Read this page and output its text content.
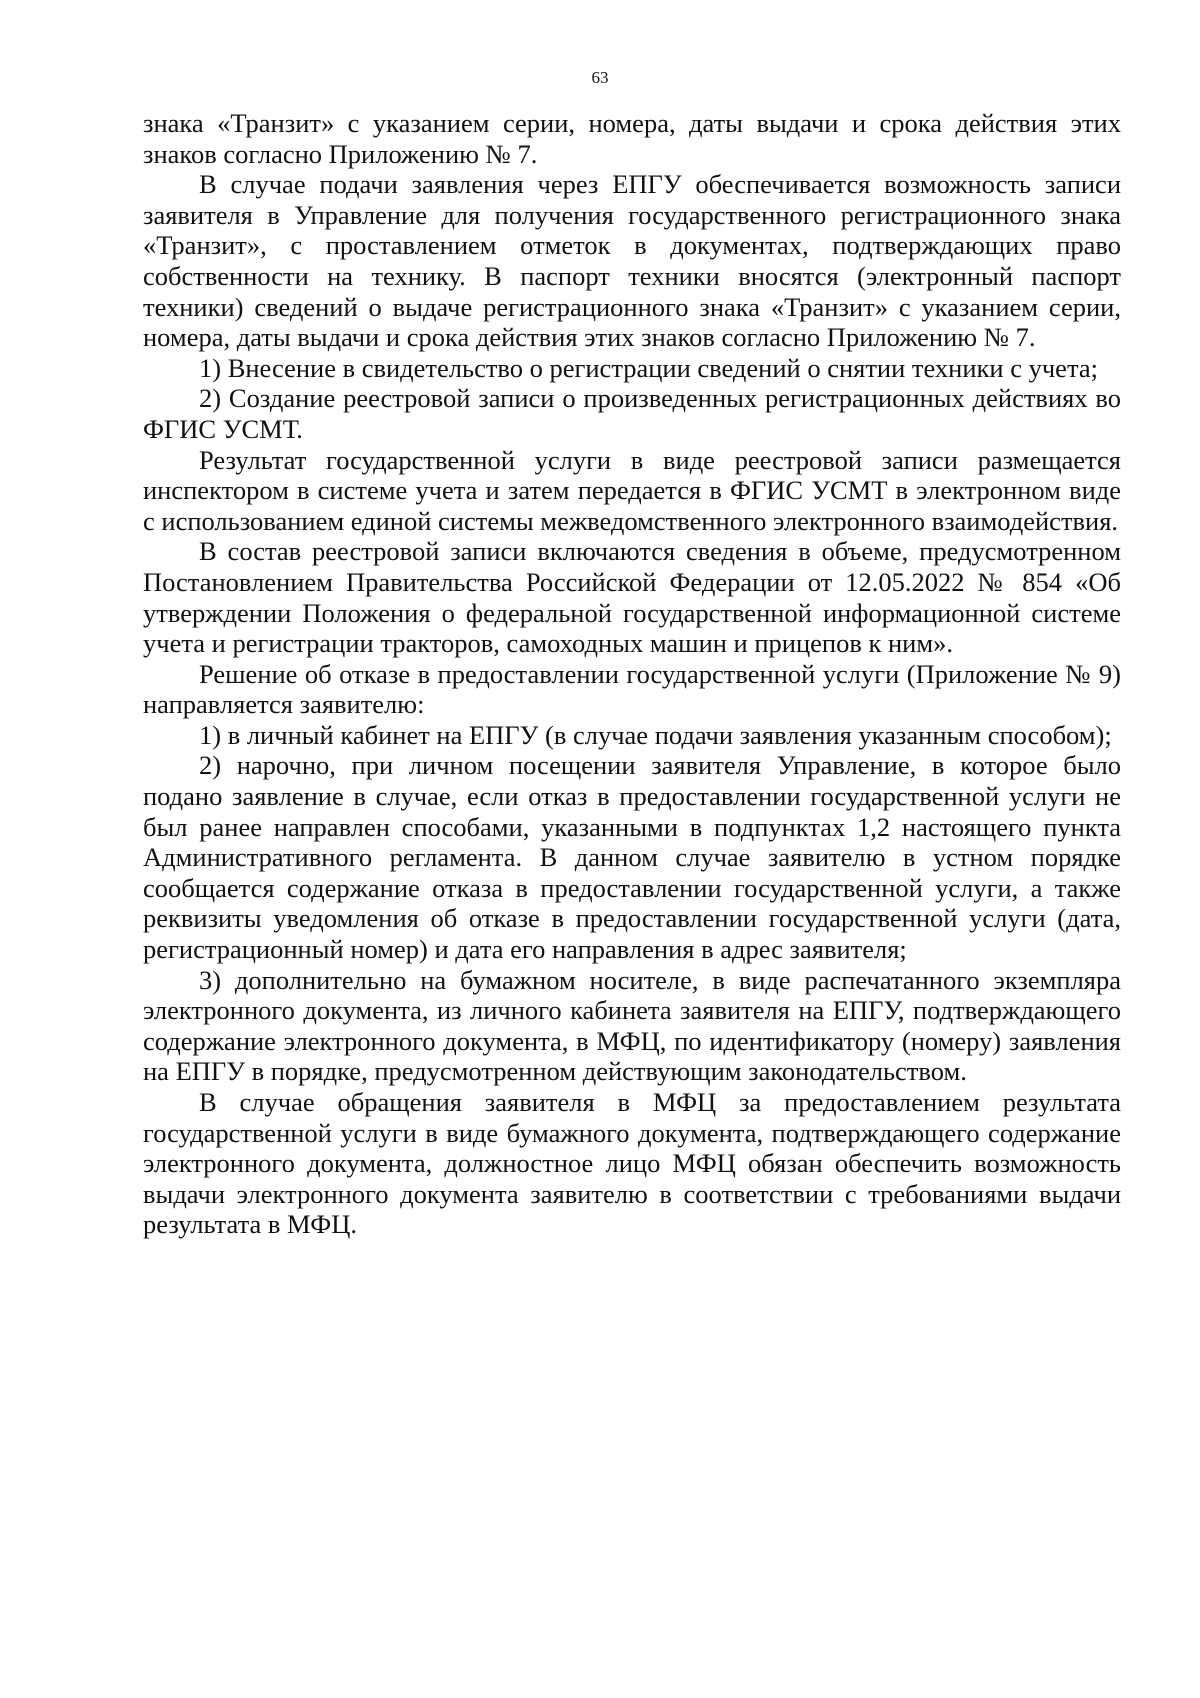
63

знака «Транзит» с указанием серии, номера, даты выдачи и срока действия этих знаков согласно Приложению № 7.

В случае подачи заявления через ЕПГУ обеспечивается возможность записи заявителя в Управление для получения государственного регистрационного знака «Транзит», с проставлением отметок в документах, подтверждающих право собственности на технику. В паспорт техники вносятся (электронный паспорт техники) сведений о выдаче регистрационного знака «Транзит» с указанием серии, номера, даты выдачи и срока действия этих знаков согласно Приложению № 7.

1) Внесение в свидетельство о регистрации сведений о снятии техники с учета;

2) Создание реестровой записи о произведенных регистрационных действиях во ФГИС УСМТ.

Результат государственной услуги в виде реестровой записи размещается инспектором в системе учета и затем передается в ФГИС УСМТ в электронном виде с использованием единой системы межведомственного электронного взаимодействия.

В состав реестровой записи включаются сведения в объеме, предусмотренном Постановлением Правительства Российской Федерации от 12.05.2022 № 854 «Об утверждении Положения о федеральной государственной информационной системе учета и регистрации тракторов, самоходных машин и прицепов к ним».

Решение об отказе в предоставлении государственной услуги (Приложение № 9) направляется заявителю:

1) в личный кабинет на ЕПГУ (в случае подачи заявления указанным способом);

2) нарочно, при личном посещении заявителя Управление, в которое было подано заявление в случае, если отказ в предоставлении государственной услуги не был ранее направлен способами, указанными в подпунктах 1,2 настоящего пункта Административного регламента. В данном случае заявителю в устном порядке сообщается содержание отказа в предоставлении государственной услуги, а также реквизиты уведомления об отказе в предоставлении государственной услуги (дата, регистрационный номер) и дата его направления в адрес заявителя;

3) дополнительно на бумажном носителе, в виде распечатанного экземпляра электронного документа, из личного кабинета заявителя на ЕПГУ, подтверждающего содержание электронного документа, в МФЦ, по идентификатору (номеру) заявления на ЕПГУ в порядке, предусмотренном действующим законодательством.

В случае обращения заявителя в МФЦ за предоставлением результата государственной услуги в виде бумажного документа, подтверждающего содержание электронного документа, должностное лицо МФЦ обязан обеспечить возможность выдачи электронного документа заявителю в соответствии с требованиями выдачи результата в МФЦ.
